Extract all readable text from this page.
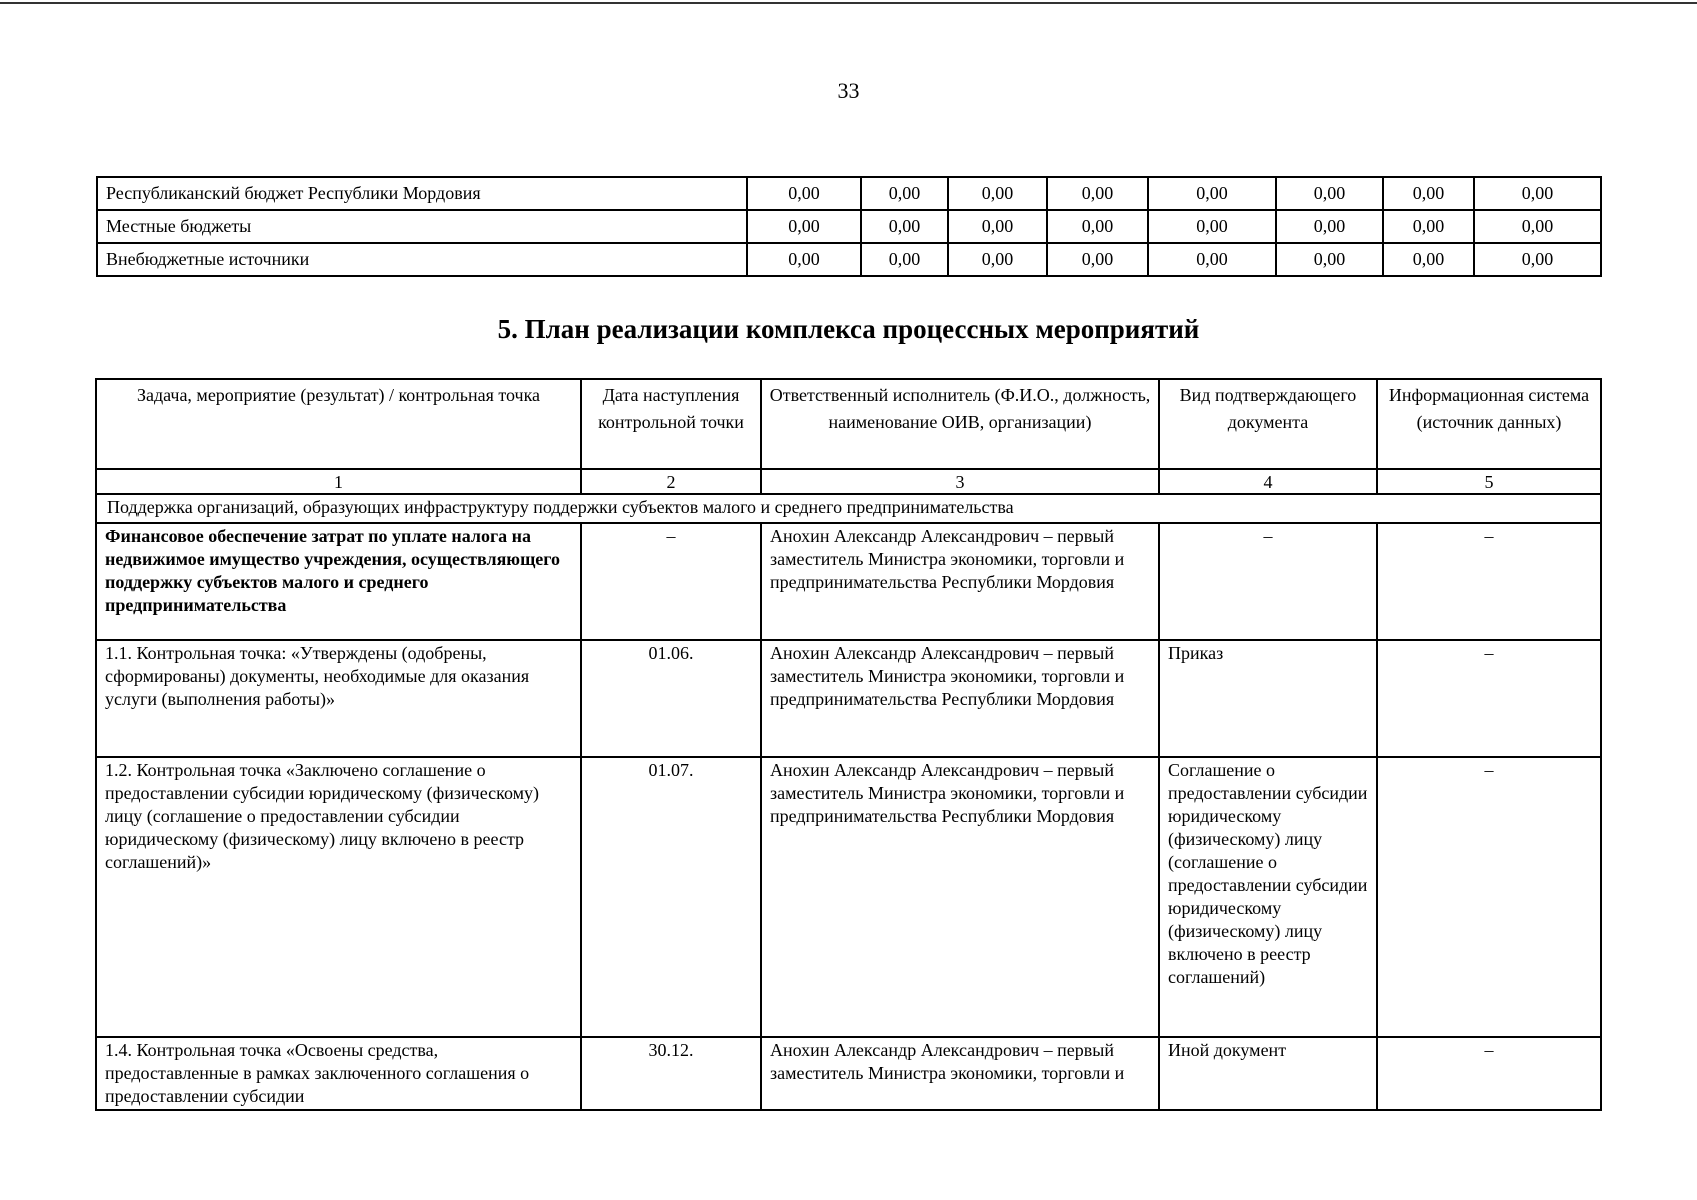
33
Республиканский бюджет Республики Мордовия	0,00	0,00	0,00	0,00	0,00	0,00	0,00	0,00
Местные бюджеты	0,00	0,00	0,00	0,00	0,00	0,00	0,00	0,00
Внебюджетные источники	0,00	0,00	0,00	0,00	0,00	0,00	0,00	0,00
5. План реализации комплекса процессных мероприятий
Задача, мероприятие (результат) / контрольная точка	Дата наступления контрольной точки	Ответственный исполнитель (Ф.И.О., должность, наименование ОИВ, организации)	Вид подтверждающего документа	Информационная система (источник данных)
1	2	3	4	5
Поддержка организаций, образующих инфраструктуру поддержки субъектов малого и среднего предпринимательства				
Финансовое обеспечение затрат по уплате налога на недвижимое имущество учреждения, осуществляющего поддержку субъектов малого и среднего предпринимательства	–	Анохин Александр Александрович – первый заместитель Министра экономики, торговли и предпринимательства Республики Мордовия	–	–
1.1. Контрольная точка: «Утверждены (одобрены, сформированы) документы, необходимые для оказания услуги (выполнения работы)»	01.06.	Анохин Александр Александрович – первый заместитель Министра экономики, торговли и предпринимательства Республики Мордовия	Приказ	–
1.2. Контрольная точка «Заключено соглашение о предоставлении субсидии юридическому (физическому) лицу (соглашение о предоставлении субсидии юридическому (физическому) лицу включено в реестр соглашений)»	01.07.	Анохин Александр Александрович – первый заместитель Министра экономики, торговли и предпринимательства Республики Мордовия	Соглашение о предоставлении субсидии юридическому (физическому) лицу (соглашение о предоставлении субсидии юридическому (физическому) лицу включено в реестр соглашений)	–
1.4. Контрольная точка «Освоены средства, предоставленные в рамках заключенного соглашения о предоставлении субсидии	30.12.	Анохин Александр Александрович – первый заместитель Министра экономики, торговли и	Иной документ	–
